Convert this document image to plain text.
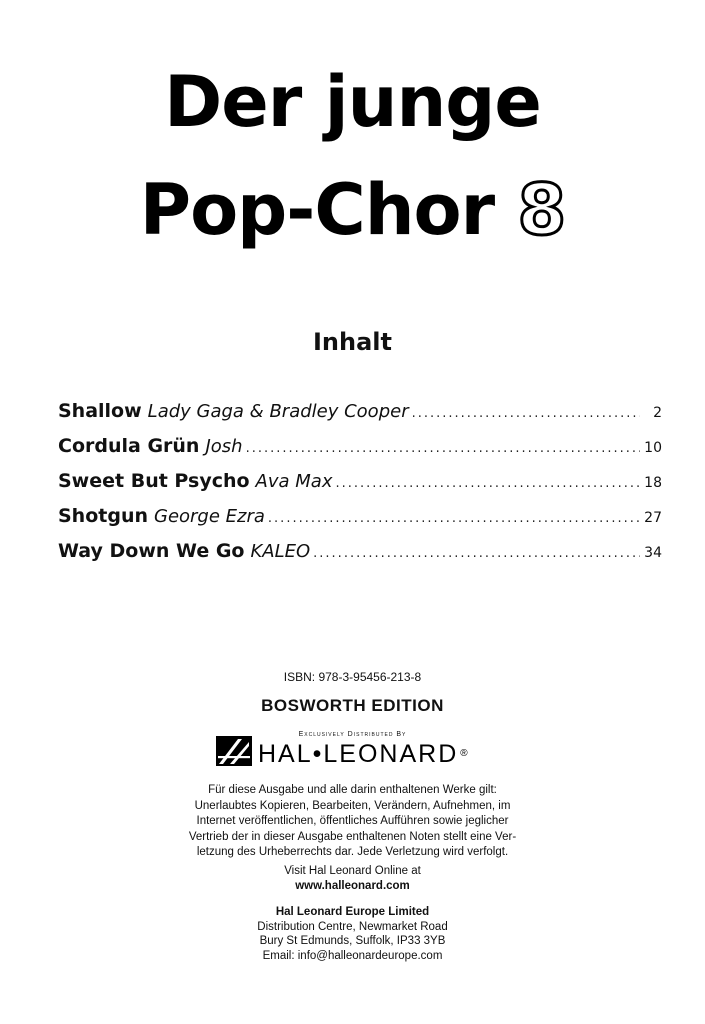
Der junge
Pop-Chor 8
Inhalt
Shallow Lady Gaga & Bradley Cooper .....	2
Cordula Grün Josh .....	10
Sweet But Psycho Ava Max .....	18
Shotgun George Ezra .....	27
Way Down We Go KALEO .....	34
ISBN: 978-3-95456-213-8
BOSWORTH EDITION
Exclusively Distributed By
HAL•LEONARD ®
Für diese Ausgabe und alle darin enthaltenen Werke gilt:
Unerlaubtes Kopieren, Bearbeiten, Verändern, Aufnehmen, im
Internet veröffentlichen, öffentliches Aufführen sowie jeglicher
Vertrieb der in dieser Ausgabe enthaltenen Noten stellt eine Ver-
letzung des Urheberrechts dar. Jede Verletzung wird verfolgt.
Visit Hal Leonard Online at
www.halleonard.com
Hal Leonard Europe Limited
Distribution Centre, Newmarket Road
Bury St Edmunds, Suffolk, IP33 3YB
Email: info@halleonardeurope.com
